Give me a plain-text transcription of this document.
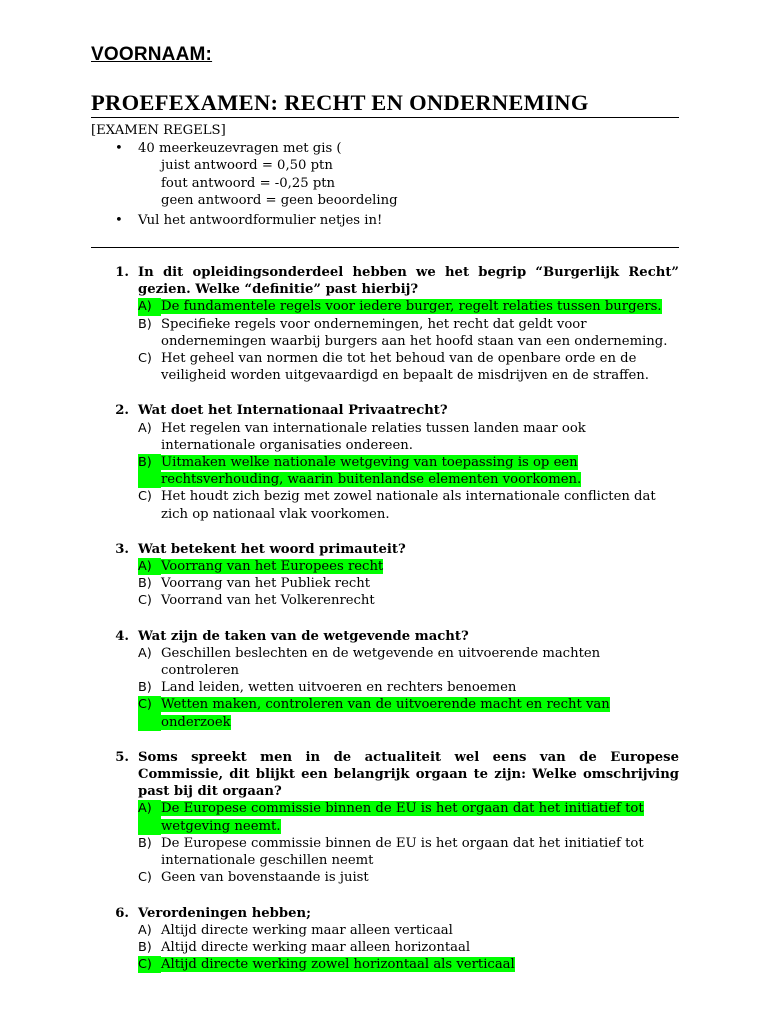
VOORNAAM:
PROEFEXAMEN: RECHT EN ONDERNEMING

[EXAMEN REGELS]

• 40 meerkeuzevragen met gis (
juist antwoord = 0,50 ptn
fout antwoord = -0,25 ptn
geen antwoord = geen beoordeling
• Vul het antwoordformulier netjes in!
1. In dit opleidingsonderdeel hebben we het begrip “Burgerlijk Recht” gezien. Welke “definitie” past hierbij?
A) De fundamentele regels voor iedere burger, regelt relaties tussen burgers.
B) Specifieke regels voor ondernemingen, het recht dat geldt voor ondernemingen waarbij burgers aan het hoofd staan van een onderneming.
C) Het geheel van normen die tot het behoud van de openbare orde en de veiligheid worden uitgevaardigd en bepaalt de misdrijven en de straffen.
2. Wat doet het Internationaal Privaatrecht?
A) Het regelen van internationale relaties tussen landen maar ook internationale organisaties ondereen.
B) Uitmaken welke nationale wetgeving van toepassing is op een rechtsverhouding, waarin buitenlandse elementen voorkomen.
C) Het houdt zich bezig met zowel nationale als internationale conflicten dat zich op nationaal vlak voorkomen.
3. Wat betekent het woord primauteit?
A) Voorrang van het Europees recht
B) Voorrang van het Publiek recht
C) Voorrand van het Volkerenrecht
4. Wat zijn de taken van de wetgevende macht?
A) Geschillen beslechten en de wetgevende en uitvoerende machten controleren
B) Land leiden, wetten uitvoeren en rechters benoemen
C) Wetten maken, controleren van de uitvoerende macht en recht van onderzoek
5. Soms spreekt men in de actualiteit wel eens van de Europese Commissie, dit blijkt een belangrijk orgaan te zijn: Welke omschrijving past bij dit orgaan?
A) De Europese commissie binnen de EU is het orgaan dat het initiatief tot wetgeving neemt.
B) De Europese commissie binnen de EU is het orgaan dat het initiatief tot internationale geschillen neemt
C) Geen van bovenstaande is juist
6. Verordeningen hebben;
A) Altijd directe werking maar alleen verticaal
B) Altijd directe werking maar alleen horizontaal
C) Altijd directe werking zowel horizontaal als verticaal
